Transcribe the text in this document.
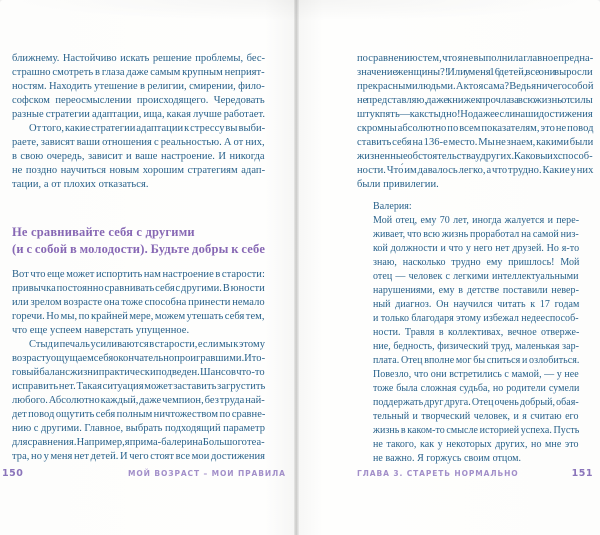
ближнему. Настойчиво искать решение проблемы, бес-
страшно смотреть в глаза даже самым крупным неприят-
ностям. Находить утешение в религии, смирении, фило-
софском переосмыслении происходящего. Чередовать
разные стратегии адаптации, ища, какая лучше работает.
От того, какие стратегии адаптации к стрессу вы выби-
раете, зависят ваши отношения с реальностью. А от них,
в свою очередь, зависит и ваше настроение. И никогда
не поздно научиться новым хорошим стратегиям адап-
тации, а от плохих отказаться.
Не сравнивайте себя с другими
(и с собой в молодости). Будьте добры к себе
Вот что еще может испортить нам настроение в старости:
привычка постоянно сравнивать себя с другими. В юности
или зрелом возрасте она тоже способна принести немало
горечи. Но мы, по крайней мере, можем утешать себя тем,
что еще успеем наверстать упущенное.
Стыд и печаль усиливаются в старости, если мы к этому
возрасту ощущаем себя окончательно проигравшими. Ито-
говый баланс жизни практически подведен. Шансов что-то
исправить нет. Такая ситуация может заставить загрустить
любого. Абсолютно каждый, даже чемпион, без труда най-
дет повод ощутить себя полным ничтожеством по сравне-
нию с другими. Главное, выбрать подходящий параметр
для сравнения. Например, я прима-балерина Большого теа-
тра, но у меня нет детей. И чего стоят все мои достижения
150	МОЙ ВОЗРАСТ – МОИ ПРАВИЛА
по сравнению с тем, что я не выполнила главное предна-
значение женщины?! Или у меня 16 детей, все они выросли
прекрасными людьми. А кто я сама? Ведь я ничего собой
не представляю, даже книжек прочла за всю жизнь от силы
штук пять — как стыдно! Но даже если наши достижения
скромны абсолютно по всем показателям, это не повод
ставить себя на 136-е место. Мы не знаем, какими были
жизненные обстоятельства у других. Каковы их способ-
ности. Что́ им давалось легко, а что трудно. Какие у них
были привилегии.
Валерия:
Мой отец, ему 70 лет, иногда жалуется и пере-
живает, что всю жизнь проработал на самой низ-
кой должности и что у него нет друзей. Но я-то
знаю, насколько трудно ему пришлось! Мой
отец — человек с легкими интеллектуальными
нарушениями, ему в детстве поставили невер-
ный диагноз. Он научился читать к 17 годам
и только благодаря этому избежал недееспособ-
ности. Травля в коллективах, вечное отверже-
ние, бедность, физический труд, маленькая зар-
плата. Отец вполне мог бы спиться и озлобиться.
Повезло, что они встретились с мамой, — у нее
тоже была сложная судьба, но родители сумели
поддержать друг друга. Отец очень добрый, обая-
тельный и творческий человек, и я считаю его
жизнь в каком-то смысле историей успеха. Пусть
не такого, как у некоторых других, но мне это
не важно. Я горжусь своим отцом.
ГЛАВА 3. СТАРЕТЬ НОРМАЛЬНО	151
